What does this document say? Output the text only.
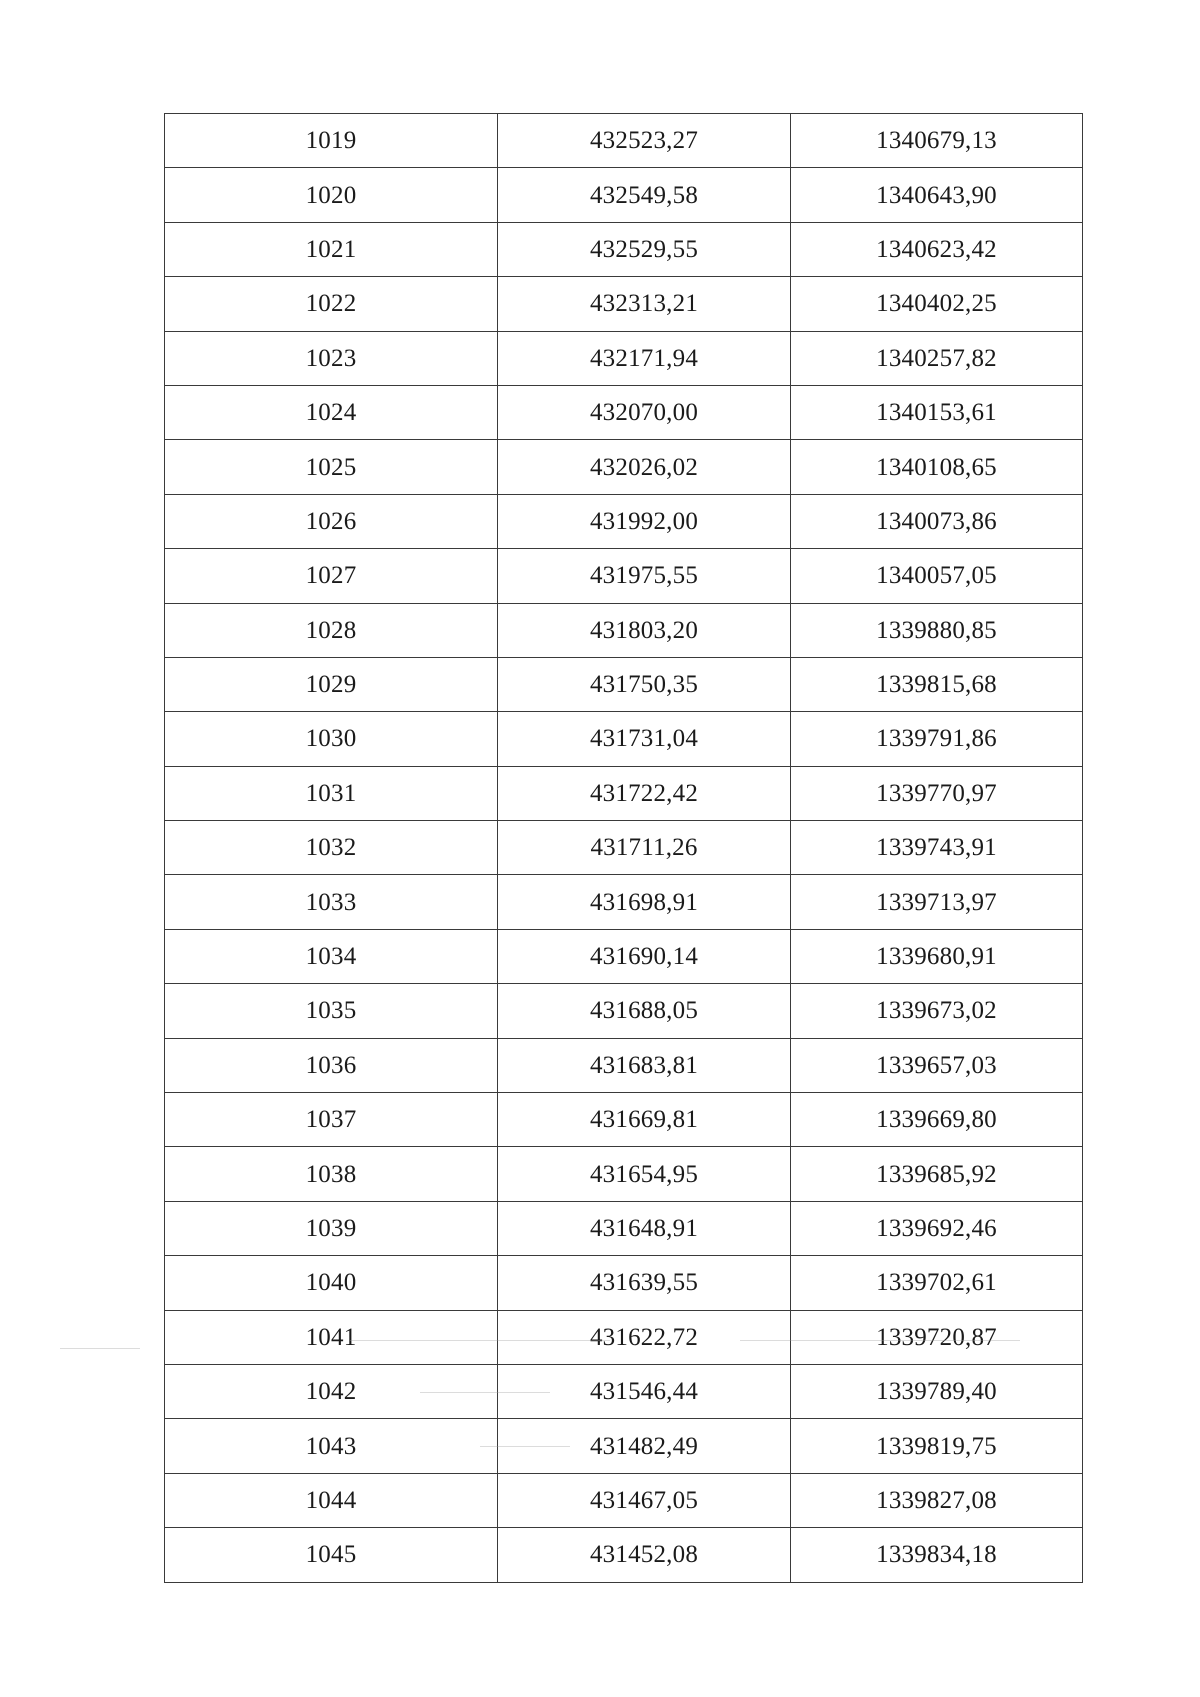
1019	432523,27	1340679,13
1020	432549,58	1340643,90
1021	432529,55	1340623,42
1022	432313,21	1340402,25
1023	432171,94	1340257,82
1024	432070,00	1340153,61
1025	432026,02	1340108,65
1026	431992,00	1340073,86
1027	431975,55	1340057,05
1028	431803,20	1339880,85
1029	431750,35	1339815,68
1030	431731,04	1339791,86
1031	431722,42	1339770,97
1032	431711,26	1339743,91
1033	431698,91	1339713,97
1034	431690,14	1339680,91
1035	431688,05	1339673,02
1036	431683,81	1339657,03
1037	431669,81	1339669,80
1038	431654,95	1339685,92
1039	431648,91	1339692,46
1040	431639,55	1339702,61
1041	431622,72	1339720,87
1042	431546,44	1339789,40
1043	431482,49	1339819,75
1044	431467,05	1339827,08
1045	431452,08	1339834,18
